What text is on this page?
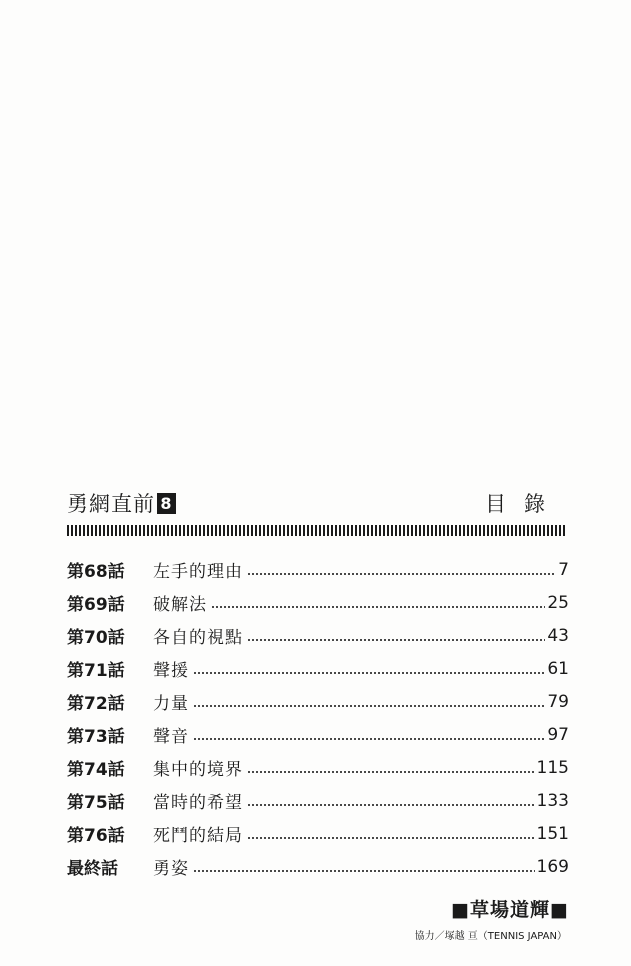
勇網直前 8	目錄
第68話	左手的理由	7
第69話	破解法	25
第70話	各自的視點	43
第71話	聲援	61
第72話	力量	79
第73話	聲音	97
第74話	集中的境界	115
第75話	當時的希望	133
第76話	死鬥的結局	151
最終話	勇姿	169
■草場道輝■
協力／塚越 亘（TENNIS JAPAN）
